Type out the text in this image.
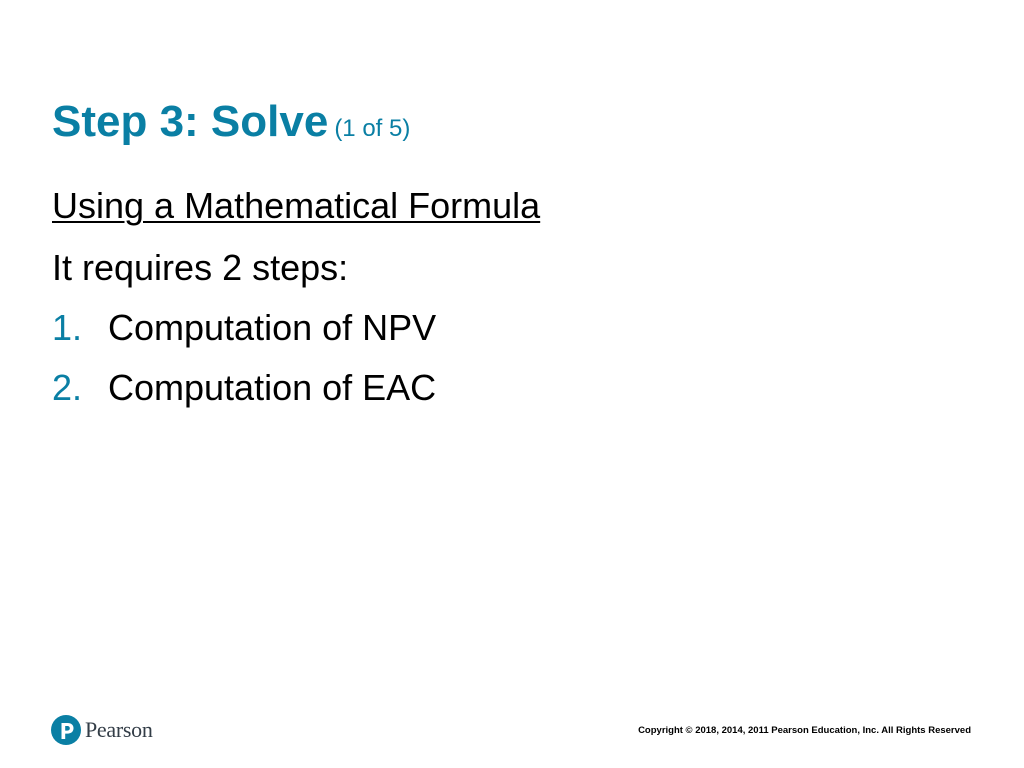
Step 3: Solve (1 of 5)
Using a Mathematical Formula
It requires 2 steps:
1. Computation of NPV
2. Computation of EAC
Pearson	Copyright © 2018, 2014, 2011 Pearson Education, Inc. All Rights Reserved
